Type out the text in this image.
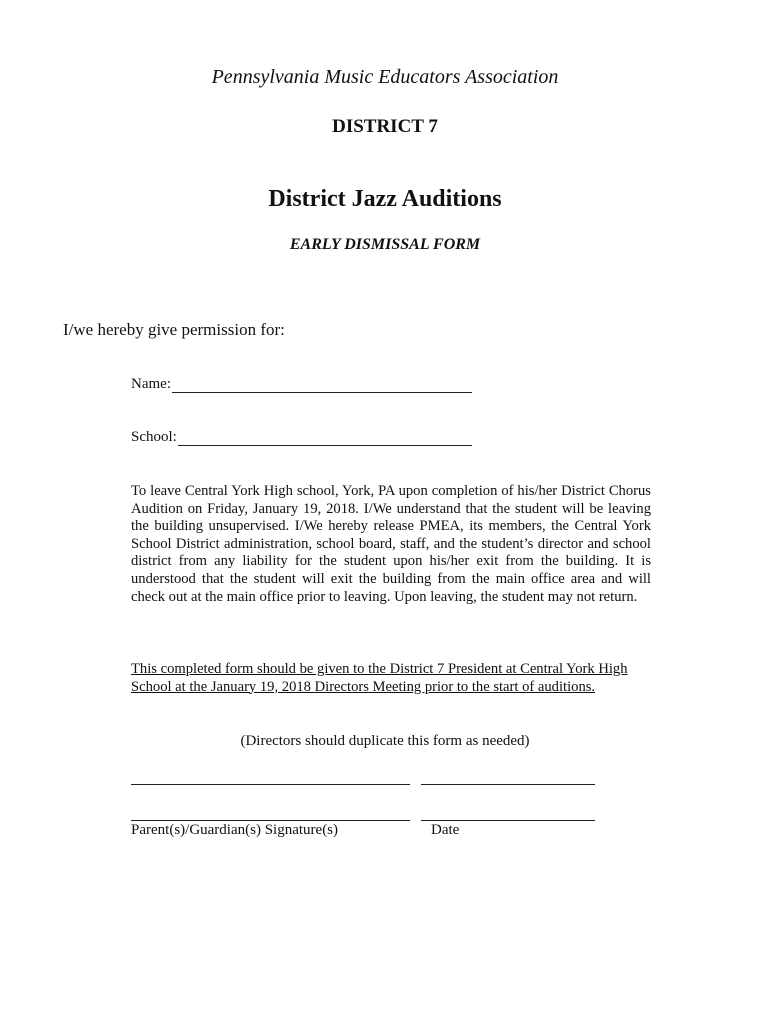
Pennsylvania Music Educators Association
DISTRICT 7
District Jazz Auditions
EARLY DISMISSAL FORM
I/we hereby give permission for:
Name:
School:
To leave Central York High school, York, PA upon completion of his/her District Chorus Audition on Friday, January 19, 2018. I/We understand that the student will be leaving the building unsupervised. I/We hereby release PMEA, its members, the Central York School District administration, school board, staff, and the student’s director and school district from any liability for the student upon his/her exit from the building. It is understood that the student will exit the building from the main office area and will check out at the main office prior to leaving. Upon leaving, the student may not return.
This completed form should be given to the District 7 President at Central York High School at the January 19, 2018 Directors Meeting prior to the start of auditions.
(Directors should duplicate this form as needed)
Parent(s)/Guardian(s) Signature(s)	Date
